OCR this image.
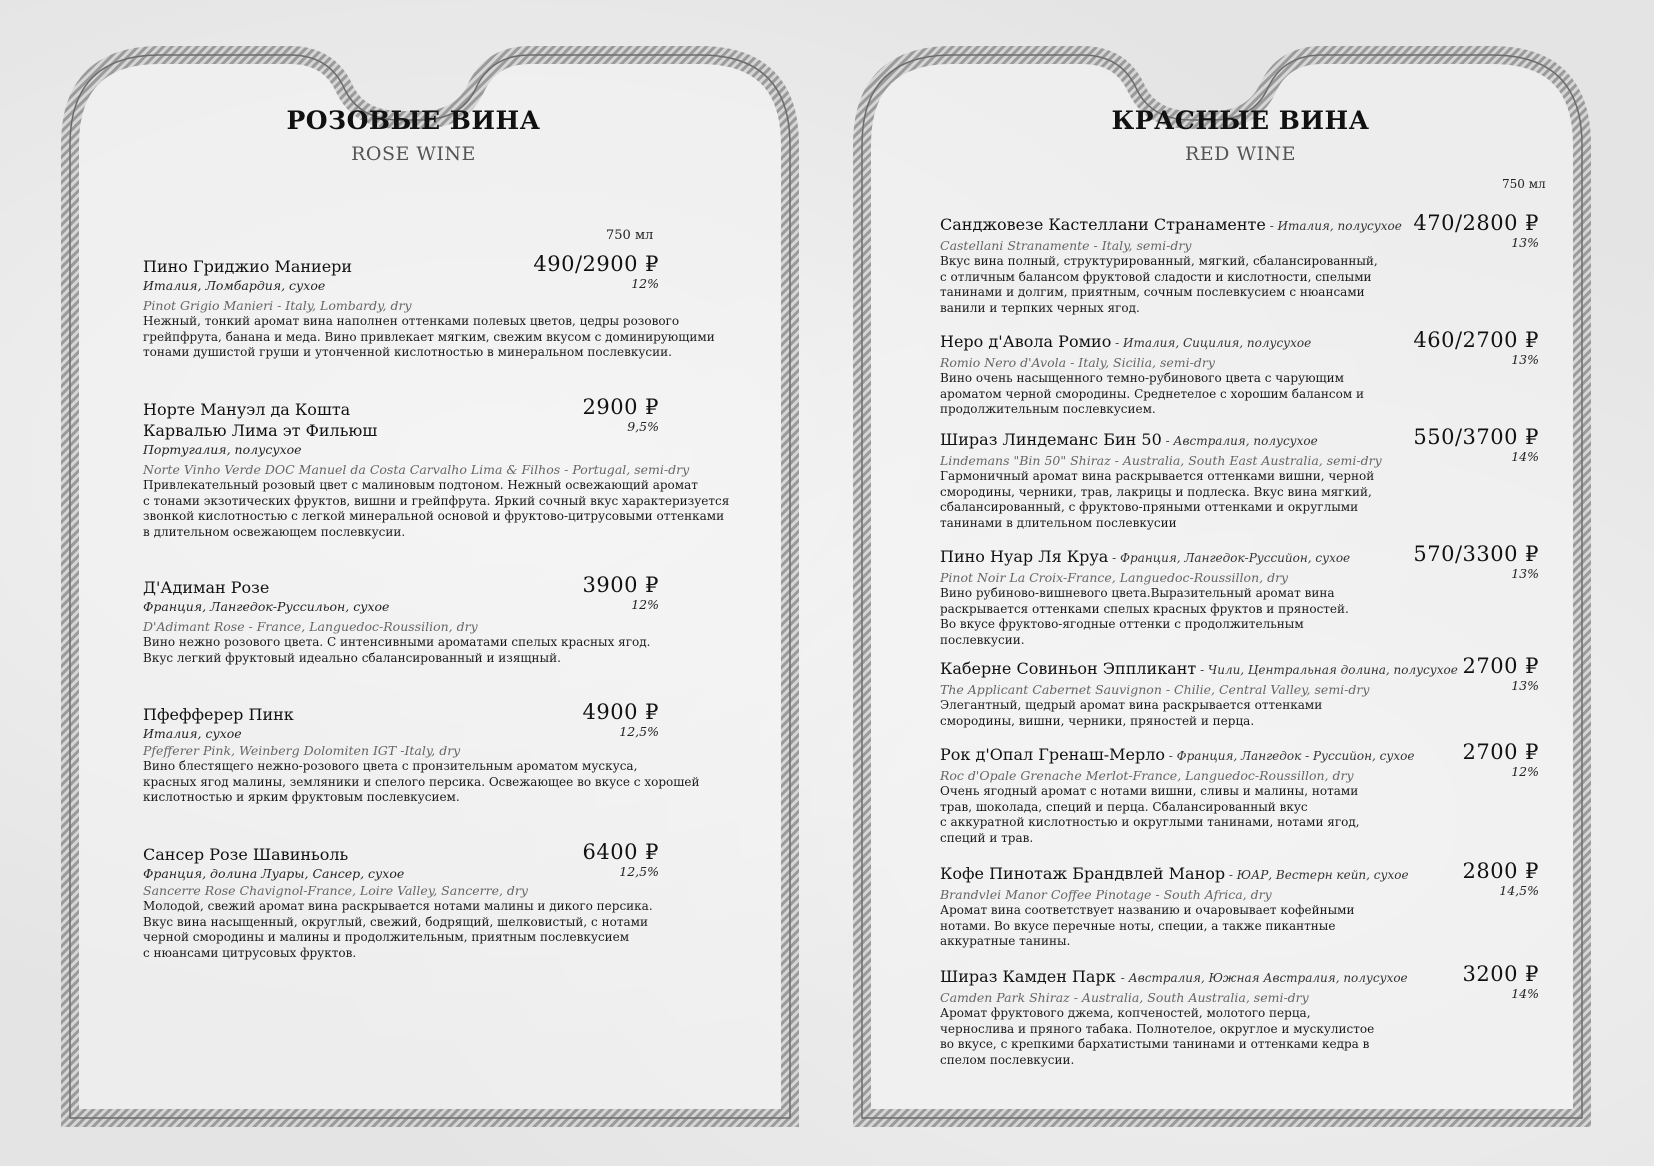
РОЗОВЫЕ ВИНА
ROSE WINE
750 мл
Пино Гриджио Маниери
Италия, Ломбардия, сухое
Pinot Grigio Manieri - Italy, Lombardy, dry
Нежный, тонкий аромат вина наполнен оттенками полевых цветов, цедры розового
грейпфрута, банана и меда. Вино привлекает мягким, свежим вкусом с доминирующими
тонами душистой груши и утонченной кислотностью в минеральном послевкусии.
490/2900 ₽
12%
Норте Мануэл да Кошта
Карвалью Лима эт Фильюш
Португалия, полусухое
Norte Vinho Verde DOC Manuel da Costa Carvalho Lima & Filhos - Portugal, semi-dry
Привлекательный розовый цвет с малиновым подтоном. Нежный освежающий аромат
с тонами экзотических фруктов, вишни и грейпфрута. Яркий сочный вкус характеризуется
звонкой кислотностью с легкой минеральной основой и фруктово-цитрусовыми оттенками
в длительном освежающем послевкусии.
2900 ₽
9,5%
Д'Адиман Розе
Франция, Лангедок-Руссильон, сухое
D'Adimant Rose - France, Languedoc-Roussilion, dry
Вино нежно розового цвета. С интенсивными ароматами спелых красных ягод.
Вкус легкий фруктовый идеально сбалансированный и изящный.
3900 ₽
12%
Пфефферер Пинк
Италия, сухое
Pfefferer Pink, Weinberg Dolomiten IGT -Italy, dry
Вино блестящего нежно-розового цвета с пронзительным ароматом мускуса,
красных ягод малины, земляники и спелого персика. Освежающее во вкусе с хорошей
кислотностью и ярким фруктовым послевкусием.
4900 ₽
12,5%
Сансер Розе Шавиньоль
Франция, долина Луары, Сансер, сухое
Sancerre Rose Chavignol-France, Loire Valley, Sancerre, dry
Молодой, свежий аромат вина раскрывается нотами малины и дикого персика.
Вкус вина насыщенный, округлый, свежий, бодрящий, шелковистый, с нотами
черной смородины и малины и продолжительным, приятным послевкусием
с нюансами цитрусовых фруктов.
6400 ₽
12,5%
КРАСНЫЕ ВИНА
RED WINE
750 мл
Санджовезе Кастеллани Странаменте - Италия, полусухое
Castellani Stranamente - Italy, semi-dry
Вкус вина полный, структурированный, мягкий, сбалансированный,
с отличным балансом фруктовой сладости и кислотности, спелыми
танинами и долгим, приятным, сочным послевкусием с нюансами
ванили и терпких черных ягод.
470/2800 ₽
13%
Неро д'Авола Ромио - Италия, Сицилия, полусухое
Romio Nero d'Avola - Italy, Sicilia, semi-dry
Вино очень насыщенного темно-рубинового цвета с чарующим
ароматом черной смородины. Среднетелое с хорошим балансом и
продолжительным послевкусием.
460/2700 ₽
13%
Шираз Линдеманс Бин 50 - Австралия, полусухое
Lindemans "Bin 50" Shiraz - Australia, South East Australia, semi-dry
Гармоничный аромат вина раскрывается оттенками вишни, черной
смородины, черники, трав, лакрицы и подлеска. Вкус вина мягкий,
сбалансированный, с фруктово-пряными оттенками и округлыми
танинами в длительном послевкусии
550/3700 ₽
14%
Пино Нуар Ля Круа - Франция, Лангедок-Руссийон, сухое
Pinot Noir La Croix-France, Languedoc-Roussillon, dry
Вино рубиново-вишневого цвета.Выразительный аромат вина
раскрывается оттенками спелых красных фруктов и пряностей.
Во вкусе фруктово-ягодные оттенки с продолжительным
послевкусии.
570/3300 ₽
13%
Каберне Совиньон Эппликант - Чили, Центральная долина, полусухое
The Applicant Cabernet Sauvignon - Chilie, Central Valley, semi-dry
Элегантный, щедрый аромат вина раскрывается оттенками
смородины, вишни, черники, пряностей и перца.
2700 ₽
13%
Рок д'Опал Гренаш-Мерло - Франция, Лангедок - Руссийон, сухое
Roc d'Opale Grenache Merlot-France, Languedoc-Roussillon, dry
Очень ягодный аромат с нотами вишни, сливы и малины, нотами
трав, шоколада, специй и перца. Сбалансированный вкус
с аккуратной кислотностью и округлыми танинами, нотами ягод,
специй и трав.
2700 ₽
12%
Кофе Пинотаж Брандвлей Манор - ЮАР, Вестерн кейп, сухое
Brandvlei Manor Coffee Pinotage - South Africa, dry
Аромат вина соответствует названию и очаровывает кофейными
нотами. Во вкусе перечные ноты, специи, а также пикантные
аккуратные танины.
2800 ₽
14,5%
Шираз Камден Парк - Австралия, Южная Австралия, полусухое
Camden Park Shiraz - Australia, South Australia, semi-dry
Аромат фруктового джема, копченостей, молотого перца,
чернослива и пряного табака. Полнотелое, округлое и мускулистое
во вкусе, с крепкими бархатистыми танинами и оттенками кедра в
спелом послевкусии.
3200 ₽
14%
